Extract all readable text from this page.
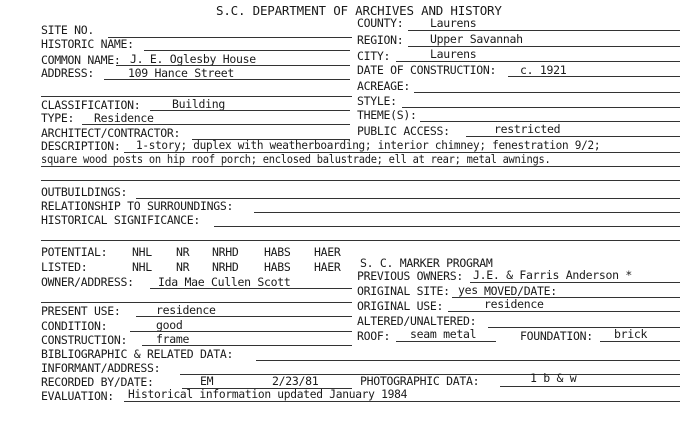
S.C. DEPARTMENT OF ARCHIVES AND HISTORY
SITE NO.
HISTORIC NAME:
COMMON NAME: J. E. Oglesby House
ADDRESS:	109 Hance Street
COUNTY: Laurens
REGION: Upper Savannah
CITY:	Laurens
DATE OF CONSTRUCTION: c. 1921
ACREAGE:
CLASSIFICATION:	Building
TYPE: Residence
ARCHITECT/CONTRACTOR:
STYLE:
THEME(S):
PUBLIC ACCESS:	restricted
DESCRIPTION: 1-story; duplex with weatherboarding; interior chimney; fenestration 9/2;
square wood posts on hip roof porch; enclosed balustrade; ell at rear; metal awnings.
OUTBUILDINGS:
RELATIONSHIP TO SURROUNDINGS:
HISTORICAL SIGNIFICANCE:
POTENTIAL: NHL NR NRHD HABS HAER
LISTED:	NHL NR NRHD HABS HAER
OWNER/ADDRESS: Ida Mae Cullen Scott
S. C. MARKER PROGRAM
PREVIOUS OWNERS: J.E. & Farris Anderson *
ORIGINAL SITE: yes MOVED/DATE:
ORIGINAL USE:	residence
PRESENT USE:	residence
CONDITION:	good
CONSTRUCTION:	frame
ALTERED/UNALTERED:
ROOF: seam metal	FOUNDATION: brick
BIBLIOGRAPHIC & RELATED DATA:
INFORMANT/ADDRESS:
RECORDED BY/DATE:	EM	2/23/81	PHOTOGRAPHIC DATA:	1 b & w
EVALUATION: Historical information updated January 1984
